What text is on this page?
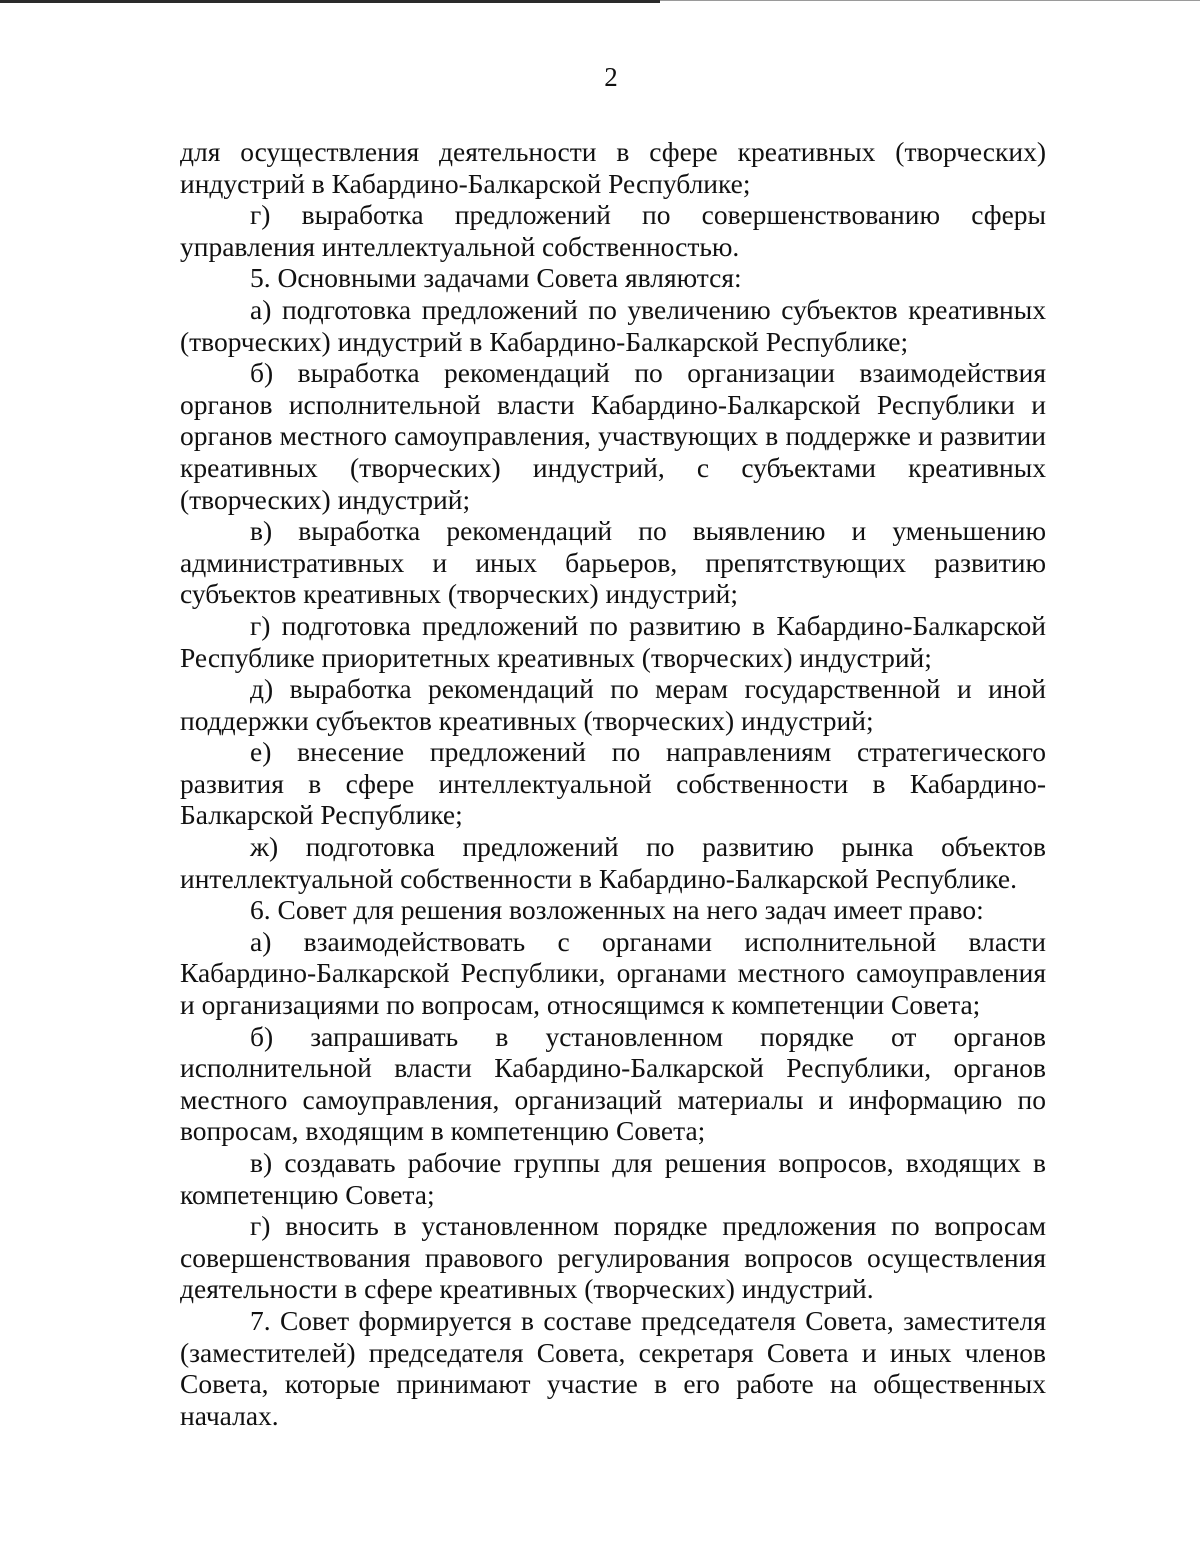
2

для осуществления деятельности в сфере креативных (творческих) индустрий в Кабардино-Балкарской Республике;

г) выработка предложений по совершенствованию сферы управления интеллектуальной собственностью.

5. Основными задачами Совета являются:

а) подготовка предложений по увеличению субъектов креативных (творческих) индустрий в Кабардино-Балкарской Республике;

б) выработка рекомендаций по организации взаимодействия органов исполнительной власти Кабардино-Балкарской Республики и органов местного самоуправления, участвующих в поддержке и развитии креативных (творческих) индустрий, с субъектами креативных (творческих) индустрий;

в) выработка рекомендаций по выявлению и уменьшению административных и иных барьеров, препятствующих развитию субъектов креативных (творческих) индустрий;

г) подготовка предложений по развитию в Кабардино-Балкарской Республике приоритетных креативных (творческих) индустрий;

д) выработка рекомендаций по мерам государственной и иной поддержки субъектов креативных (творческих) индустрий;

е) внесение предложений по направлениям стратегического развития в сфере интеллектуальной собственности в Кабардино-Балкарской Республике;

ж) подготовка предложений по развитию рынка объектов интеллектуальной собственности в Кабардино-Балкарской Республике.

6. Совет для решения возложенных на него задач имеет право:

а) взаимодействовать с органами исполнительной власти Кабардино-Балкарской Республики, органами местного самоуправления и организациями по вопросам, относящимся к компетенции Совета;

б) запрашивать в установленном порядке от органов исполнительной власти Кабардино-Балкарской Республики, органов местного самоуправления, организаций материалы и информацию по вопросам, входящим в компетенцию Совета;

в) создавать рабочие группы для решения вопросов, входящих в компетенцию Совета;

г) вносить в установленном порядке предложения по вопросам совершенствования правового регулирования вопросов осуществления деятельности в сфере креативных (творческих) индустрий.

7. Совет формируется в составе председателя Совета, заместителя (заместителей) председателя Совета, секретаря Совета и иных членов Совета, которые принимают участие в его работе на общественных началах.
